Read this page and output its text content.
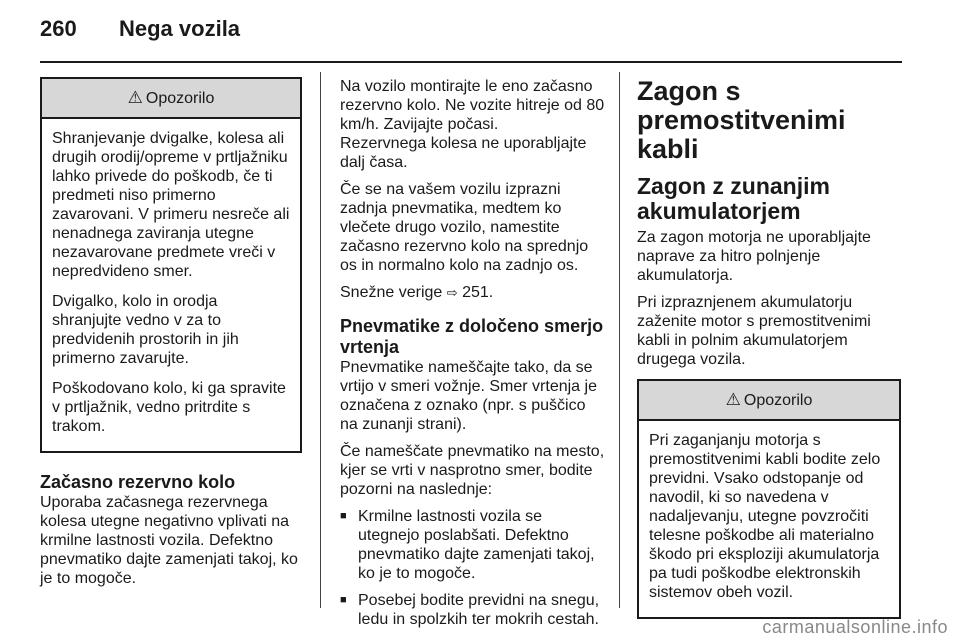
260 Nega vozila
⚠ Opozorilo

Shranjevanje dvigalke, kolesa ali drugih orodij/opreme v prtljažniku lahko privede do poškodb, če ti predmeti niso primerno zavarovani. V primeru nesreče ali nenadnega zaviranja utegne nezavarovane predmete vreči v nepredvideno smer.

Dvigalko, kolo in orodja shranjujte vedno v za to predvidenih prostorih in jih primerno zavarujte.

Poškodovano kolo, ki ga spravite v prtljažnik, vedno pritrdite s trakom.

Začasno rezervno kolo

Uporaba začasnega rezervnega kolesa utegne negativno vplivati na krmilne lastnosti vozila. Defektno pnevmatiko dajte zamenjati takoj, ko je to mogoče.

Na vozilo montirajte le eno začasno rezervno kolo. Ne vozite hitreje od 80 km/h. Zavijajte počasi.

Rezervnega kolesa ne uporabljajte dalj časa.

Če se na vašem vozilu izprazni zadnja pnevmatika, medtem ko vlečete drugo vozilo, namestite začasno rezervno kolo na sprednjo os in normalno kolo na zadnjo os.

Snežne verige ⇨ 251.

Pnevmatike z določeno smerjo vrtenja

Pnevmatike nameščajte tako, da se vrtijo v smeri vožnje. Smer vrtenja je označena z oznako (npr. s puščico na zunanji strani).

Če nameščate pnevmatiko na mesto, kjer se vrti v nasprotno smer, bodite pozorni na naslednje:

■ Krmilne lastnosti vozila se utegnejo poslabšati. Defektno pnevmatiko dajte zamenjati takoj, ko je to mogoče.
■ Posebej bodite previdni na snegu, ledu in spolzkih ter mokrih cestah.
Zagon s premostitvenimi kabli
Zagon z zunanjim akumulatorjem

Za zagon motorja ne uporabljajte naprave za hitro polnjenje akumulatorja.

Pri izpraznjenem akumulatorju zaženite motor s premostitvenimi kabli in polnim akumulatorjem drugega vozila.

⚠ Opozorilo

Pri zaganjanju motorja s premostitvenimi kabli bodite zelo previdni. Vsako odstopanje od navodil, ki so navedena v nadaljevanju, utegne povzročiti telesne poškodbe ali materialno škodo pri eksploziji akumulatorja pa tudi poškodbe elektronskih sistemov obeh vozil.

carmanualsonline.info
